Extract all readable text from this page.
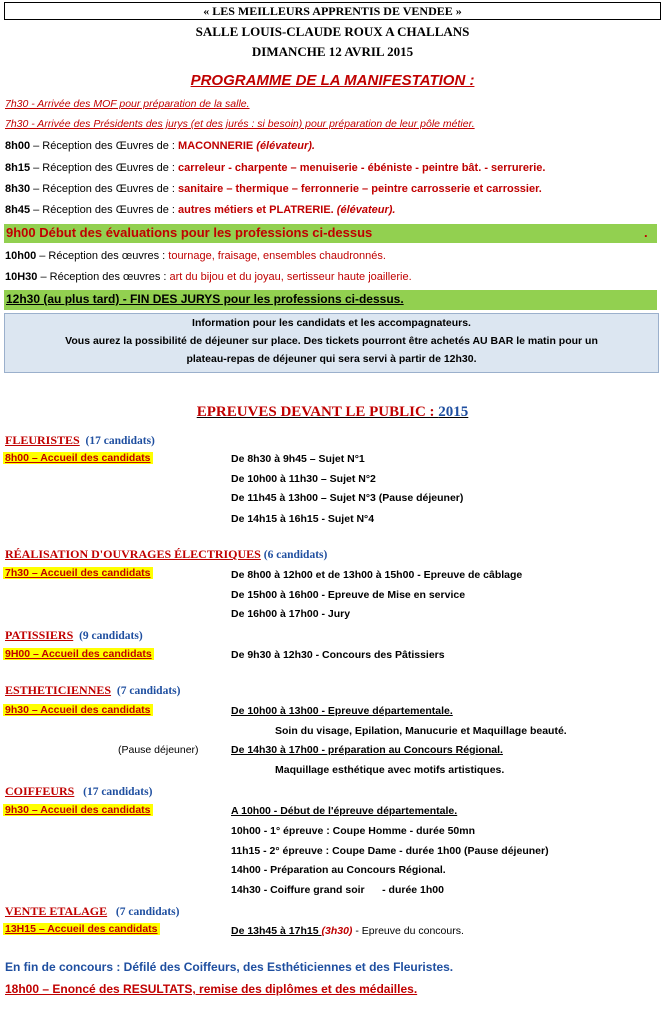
« LES MEILLEURS APPRENTIS DE VENDEE »
SALLE LOUIS-CLAUDE ROUX A CHALLANS
DIMANCHE 12 AVRIL 2015
PROGRAMME DE LA MANIFESTATION :
7h30 - Arrivée des MOF pour préparation de la salle.
7h30 - Arrivée des Présidents des jurys (et des jurés : si besoin) pour préparation de leur pôle métier.
8h00 – Réception des Œuvres de : MACONNERIE (élévateur).
8h15 – Réception des Œuvres de : carreleur - charpente – menuiserie - ébéniste - peintre bât. - serrurerie.
8h30 – Réception des Œuvres de : sanitaire – thermique – ferronnerie – peintre carrosserie et carrossier.
8h45 – Réception des Œuvres de : autres métiers et PLATRERIE. (élévateur).
9h00 Début des évaluations pour les professions ci-dessus	.
10h00 – Réception des œuvres : tournage, fraisage, ensembles chaudronnés.
10H30 – Réception des œuvres : art du bijou et du joyau, sertisseur haute joaillerie.
12h30 (au plus tard) - FIN DES JURYS pour les professions ci-dessus.
Information pour les candidats et les accompagnateurs.
Vous aurez la possibilité de déjeuner sur place. Des tickets pourront être achetés AU BAR le matin pour un
plateau-repas de déjeuner qui sera servi à partir de 12h30.
EPREUVES DEVANT LE PUBLIC : 2015
FLEURISTES (17 candidats)
8h00 – Accueil des candidats	De 8h30 à 9h45 – Sujet N°1
De 10h00 à 11h30 – Sujet N°2
De 11h45 à 13h00 – Sujet N°3 (Pause déjeuner)
De 14h15 à 16h15 - Sujet N°4
RÉALISATION D'OUVRAGES ÉLECTRIQUES (6 candidats)
7h30 – Accueil des candidats	De 8h00 à 12h00 et de 13h00 à 15h00 - Epreuve de câblage
De 15h00 à 16h00 - Epreuve de Mise en service
De 16h00 à 17h00 - Jury
PATISSIERS (9 candidats)
9H00 – Accueil des candidats	De 9h30 à 12h30 - Concours des Pâtissiers
ESTHETICIENNES (7 candidats)
9h30 – Accueil des candidats	De 10h00 à 13h00 - Epreuve départementale.
Soin du visage, Epilation, Manucurie et Maquillage beauté.
(Pause déjeuner)	De 14h30 à 17h00 - préparation au Concours Régional.
Maquillage esthétique avec motifs artistiques.
COIFFEURS (17 candidats)
9h30 – Accueil des candidats	A 10h00 - Début de l'épreuve départementale.
10h00 - 1° épreuve : Coupe Homme - durée 50mn
11h15 - 2° épreuve : Coupe Dame - durée 1h00 (Pause déjeuner)
14h00 - Préparation au Concours Régional.
14h30 - Coiffure grand soir      - durée 1h00
VENTE ETALAGE (7 candidats)
13H15 – Accueil des candidats	De 13h45 à 17h15 (3h30) - Epreuve du concours.
En fin de concours : Défilé des Coiffeurs, des Esthéticiennes et des Fleuristes.
18h00 – Enoncé des RESULTATS, remise des diplômes et des médailles.
